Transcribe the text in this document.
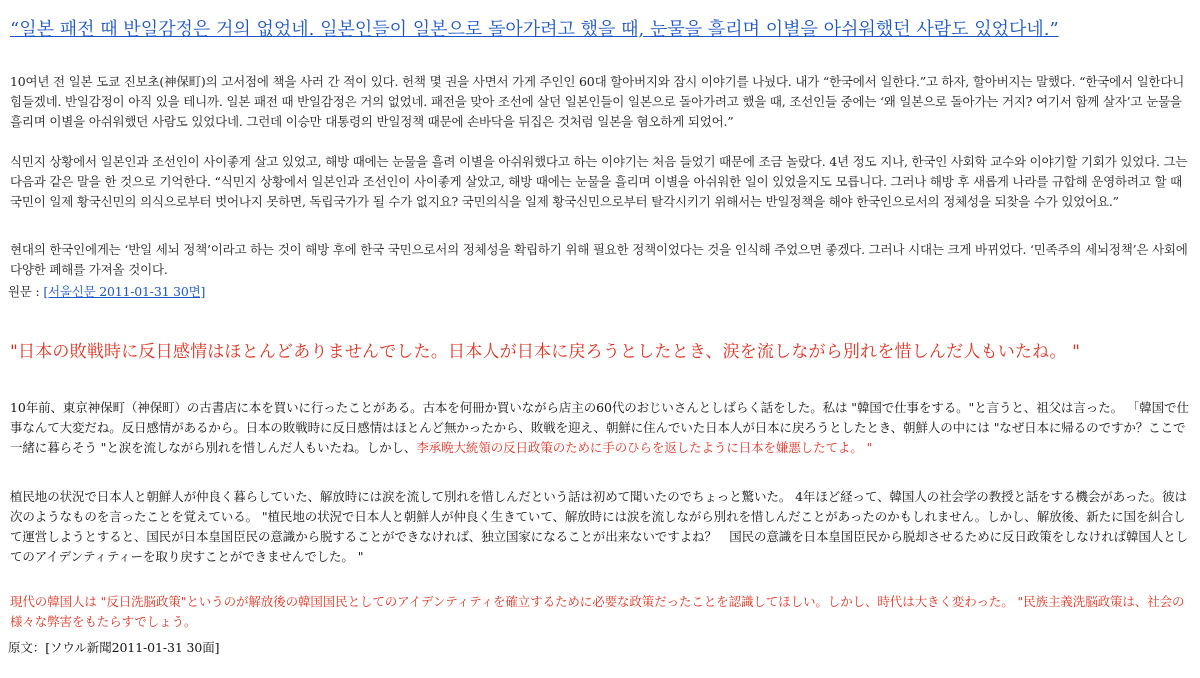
“일본 패전 때 반일감정은 거의 없었네. 일본인들이 일본으로 돌아가려고 했을 때, 눈물을 흘리며 이별을 아쉬워했던 사람도 있었다네.”

10여년 전 일본 도쿄 진보초(神保町)의 고서점에 책을 사러 간 적이 있다. 헌책 몇 권을 사면서 가게 주인인 60대 할아버지와 잠시 이야기를 나눴다. 내가 “한국에서 일한다.”고 하자, 할아버지는 말했다. “한국에서 일한다니 힘들겠네. 반일감정이 아직 있을 테니까. 일본 패전 때 반일감정은 거의 없었네. 패전을 맞아 조선에 살던 일본인들이 일본으로 돌아가려고 했을 때, 조선인들 중에는 ‘왜 일본으로 돌아가는 거지? 여기서 함께 살자’고 눈물을 흘리며 이별을 아쉬워했던 사람도 있었다네. 그런데 이승만 대통령의 반일정책 때문에 손바닥을 뒤집은 것처럼 일본을 혐오하게 되었어.”

식민지 상황에서 일본인과 조선인이 사이좋게 살고 있었고, 해방 때에는 눈물을 흘려 이별을 아쉬워했다고 하는 이야기는 처음 들었기 때문에 조금 놀랐다. 4년 정도 지나, 한국인 사회학 교수와 이야기할 기회가 있었다. 그는 다음과 같은 말을 한 것으로 기억한다. “식민지 상황에서 일본인과 조선인이 사이좋게 살았고, 해방 때에는 눈물을 흘리며 이별을 아쉬워한 일이 있었을지도 모릅니다. 그러나 해방 후 새롭게 나라를 규합해 운영하려고 할 때 국민이 일제 황국신민의 의식으로부터 벗어나지 못하면, 독립국가가 될 수가 없지요? 국민의식을 일제 황국신민으로부터 탈각시키기 위해서는 반일정책을 해야 한국인으로서의 정체성을 되찾을 수가 있었어요.”

현대의 한국인에게는 ‘반일 세뇌 정책’이라고 하는 것이 해방 후에 한국 국민으로서의 정체성을 확립하기 위해 필요한 정책이었다는 것을 인식해 주었으면 좋겠다. 그러나 시대는 크게 바뀌었다. ‘민족주의 세뇌정책’은 사회에 다양한 폐해를 가져올 것이다.

원문 : [서울신문 2011-01-31 30면]
"日本の敗戦時に反日感情はほとんどありませんでした。日本人が日本に戻ろうとしたとき、涙を流しながら別れを惜しんだ人もいたね。 "
10年前、東京神保町（神保町）の古書店に本を買いに行ったことがある。古本を何冊か買いながら店主の60代のおじいさんとしばらく話をした。私は "韓国で仕事をする。"と言うと、祖父は言った。 「韓国で仕事なんて大変だね。反日感情があるから。日本の敗戦時に反日感情はほとんど無かったから、敗戦を迎え、朝鮮に住んでいた日本人が日本に戻ろうとしたとき、朝鮮人の中には "なぜ日本に帰るのですか？ここで一緒に暮らそう "と涙を流しながら別れを惜しんだ人もいたね。しかし、李承晩大統領の反日政策のために手のひらを返したように日本を嫌悪したてよ。 "
植民地の状況で日本人と朝鮮人が仲良く暮らしていた、解放時には涙を流して別れを惜しんだという話は初めて聞いたのでちょっと驚いた。 4年ほど経って、韓国人の社会学の教授と話をする機会があった。彼は次のようなものを言ったことを覚えている。 "植民地の状況で日本人と朝鮮人が仲良く生きていて、解放時には涙を流しながら別れを惜しんだことがあったのかもしれません。しかし、解放後、新たに国を糾合して運営しようとすると、国民が日本皇国臣民の意識から脱することができなければ、独立国家になることが出来ないですよね？　国民の意識を日本皇国臣民から脱却させるために反日政策をしなければ韓国人としてのアイデンティティーを取り戻すことができませんでした。 "
現代の韓国人は "反日洗脳政策"というのが解放後の韓国国民としてのアイデンティティを確立するために必要な政策だったことを認識してほしい。しかし、時代は大きく変わった。 "民族主義洗脳政策は、社会の様々な弊害をもたらすでしょう。
原文：[ソウル新聞2011-01-31 30面]
